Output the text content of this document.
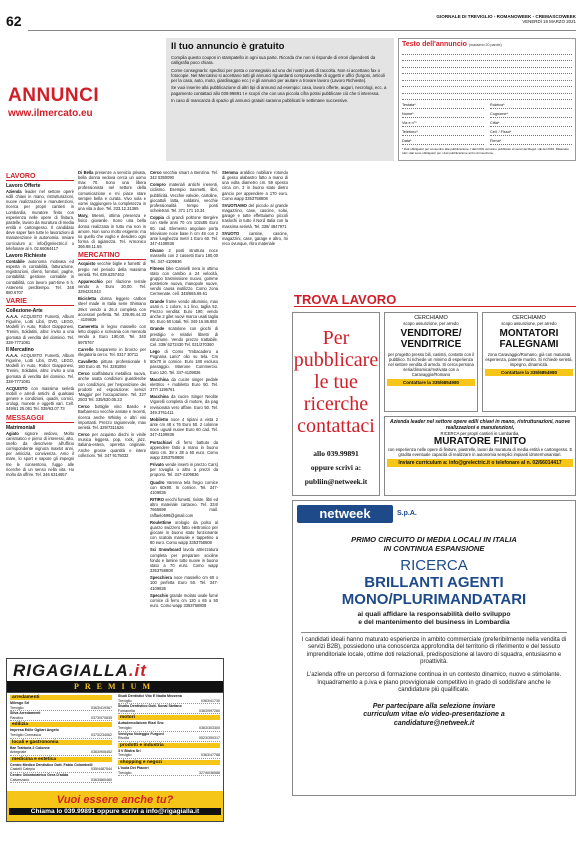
62	GIORNALE DI TREVIGLIO - ROMANOWEEK - CREMASCOWEEK
VENERDÌ 19 MARZO 2021
ANNUNCI
www.ilmercato.eu
Il tuo annuncio è gratuito

Compila questo coupon in stampatello in ogni sua parte. Ricorda che non si risponde di errori dipendenti da calligrafia poco chiara.

Come consegnarlo: spedisci per posta o consegnalo ad uno dei nostri punti di raccolta. Non si accettano fax o fotocopie. Nel Mercatino si accettano tutti gli annunci riguardanti compravendite di oggetti e uffici (furgoni, articoli per la casa, auto, moto, giardinaggio ecc.) e gli annunci per aiutare a trovare lavoro (Lavoro Richieste).

Se vuoi inserire alla pubblicazione di altri tipi di annunci ad esempio: casa, lavoro offerte, auguri, necrologi, ecc. a pagamento contattaci allo 039.99891 t e scopri che con una piccola cifra potrai pubblicare ciò che ti interessa.

In caso di mancanza di spazio gli annunci gratuiti saranno pubblicati le settimane successive.

Testo dell'annuncio (massimo 20 parole)
Testata*	Rubrica*
Nome*	Cognome*
Via e n°*	Città*
Telefono*	Cell. / Fisso*
Data*	Firma*
* Dati obbligatori per consentire alla pubblicazione. I dati NON verranno pubblicati. Ai sensi del Regol. UE del 2016. Rilasciare tutti i dati sono obbligatori per i dati pubblicazione ai fini di inserzione.
LAVORO
Lavoro Offerte

Azienda leader nel settore operè edili chiavi in mano, ristrutturazioni, nuove realizzazioni e manutenzioni, ricerca per propri cantieri in Lombardia, muratore finito con esperienza nelle opere di finitura, pastelle, lavoro da muratura di media entità e cartongesso. Il candidato deve saper fare tutte le lavorazioni di manutenzione in autonomia. Inviare curriculum a: info@grelectric.it o telefonare al n. 02.66064417

Lavoro Richieste

Contabile autonoma motivata ed esperta in contabilità, fatturazione, registrazioni, clienti, fornitori, paghe, contabilità: gestione contabile in contabilità, con lavoro part-time 6 h. Astenersi perditempo. Tel. 348 880.6707

VARIE
Collezione-Arte

A.A.A. ACQUISTO Fumetti, Album Figurine, Lotti Libri, DVD, LEGO, Modelli in Auto, Robot Giapponesi, Trenini, Soldatini, altro: invito a una giornata di vendita del dominio. Tel. 328-7771081

Il Mercatino

A.A.A. ACQUISTO Fumetti, Album Figurine, Lotti Libri, DVD, LEGO, Modelli in Auto, Robot Giapponesi, Trenini, Soldatini, altro: invito a una giornata di vendita del dominio. Tel. 328-7771081

ACQUISTO con massima serietà mobili e arredi antichi di qualsiasi genere e condizioni, quadri, cornici, orologi, monete e oggetti vari. Cell. 349/61 25.061 Tel. 039/63.07.73

MESSAGGI
Matrimoniali

Agiato signore vedovo, Molto carismatico e pieno di interessi, alto, snello da descrivere all'ufficio corrispondente signora max64 anni, per amicizia, convivenza. Amo il mare, lo sport e sapore gli impegni me le consentono, fuggo alle ricerche di un senso nella vita. Ho molto da offrire. Tel. 346 6314657

Di Bella presenze a servizio privata, bella donna vedova cerca un uomo max 70. Sono una libera professionista nel settore della comunicazione e mi piace stare sempre bella e curata. Vivo sola e vorrei raggiungere la completezza in una vita a due. Tel. 333.12.31365

Mary, 56enni, ottima presenza e fisico giovanile. Sono una bella donna realizzata in tutto ma non in amore. Non sono molto esigente: ma so quello che voglio e desidero ogni forma di agiatezza. Tel. Armonico 366.88.11.55

MERCATINO

Acquisto vecchie biglie e fumetti: di pregio nel periodo della massima serietà. Tel. 039.6257463

Apparecchio per rilazione terrale vendo a Euro 20,00. Tel. 3294231043

Bicicletta donna leggero carbon steel made in Italia serie Shimano 29x4 vendo a 26,4 completa con accessori perfetta. Tel. 339.95.44.33 - 4109836

Cameretta in legno massello con letto doppio e scrivania con mensola vendo a Euro 190,00. Tel. 340 6975767

Carrello trasparente in bronzo per rilegatoria cerco. Tel. 0317 30711

Cavalletto pittura professionale h 180 Euro 40. Tel. 3281894

Cerco scaffalatura metallica nuova, anche usata condizioni guarderobe con condizioni, per l'esposizione dei prodotti ed esposizione: servizi 'Maggio' per l'occupazione. Tel. 327 2503 Tel. 335/630.05.23

Cerco bottiglie vino Barolo e Barbaresco vecchie annate e recenti, ricerca anche Whisky e altri vini importanti. Prezzo ragionevole, max serietà. Tel. 329/7311626

Cerco per acquisto dischi in vinile musica leggera, pop, rock, jazz, italiana-estera, operetta originale. Anche grosse quantità e intere collezioni. Tel. 347 9175032

Cerco vecchia smart a Benzina. Tel. 342 5350090

Compro materiali antichi inerenti, ciclismo. Esempio trasmetti, libri, pubblicità. Vecchie valvole, cartoline, giocattoli latta, soldatini, vecchie professionalità tempo ponti scheletrati. Tel. 371 171 10.34

Coppia di grandi poltrone Bergère con stelle anni 70 cm 102x85 Euro 60. cad. Elemento angolare porta televisore noce base h cm 48 con 2 ante lunghezza metri 1 Euro 60. Tel. 347-4109836

Divano 2 posti struttura noce massello con 2 cassetti Euro 180,00 Tel. 347-4109836

Fitness bike Carnielli nera in ottimo stato con cambio a 24 velocità, gruppo trasmissione nuovo, gomme posteriore nuova, manopole nuove, vendo causa inutilizzo. Como zona Cermenate. cell. 348/665.69.61

Grande frame vendo alluminio, max usati n. 1 colore, n.1 lino, taglia 52. Prezzo vendita: Euro 190; vendo anche 2 gilet nuovi marca usati taglia 50. Euro 50 totali. Tel. 349 16.86.893

Grande scatolone con giochi di prestigio e relativi libretti di istruzione. Vendo prezzo trattabile. Cel. 339/ 6272430 Tel. 031/270360

Lego di Como "Imbacadero a Pognana Lario" olio su tela. Cm 60x70 in cornice. Euro 180 escluso passaggio. Marrone Commercio. Euro 120. Tel. 347-4109836

Macchina da cucire singer pedale elettrico + mobiletto Euro 50. Tel. 377/ 1195761

Macchina da cucire Singer Neolite Vigorelli completa di motore, da pag revisionata vero affare. Euro 50. Tel. 349.3761411

Mobiletto noce 4 ripiani a vista 2 ante cm 48 x 76 Euro 50. 2 colonne noce uguali nuove Euro 60 cad. Tel. 347-4109836

Portachiavi di ferro battuto da appendere fatto a mano in buono stato cm. 38 x 38 a 60 euro. Como wapp 3353758808

Privato vende inserti in prezzo Cars) per tovaglia o altro a prezzi da proporsi. Tel. 347-4109836

Quadro Varenna tela fregio cornice con 60x90. In cornice. Tel. 347-4109836

RITIRO vecchi fumetti, riviste, libri ed altro materiale cartaceo. Tel. 334/ 7665699 mail. raffaelo598@gmail.com

Roulettime orologio da polso al quarzo swizzero fatto elettronico per giocare in buono stato funzionante con scatola manuale e tappetino a 80 euro. Como wapp 3353758808

Sci Snowboard lavola attrezzatura completa per preparare scioline fondo e lamine tutto nuove in buono stato a 70 euro. Como wapp 3353758808

Specchiera noce massello cm 60 x 100 perfetta Euro 50. Tel. 347-4109836

Specchio grande molato ovale fumé cornice di ferro cm 120 x 65 a 50 euro. Como wapp 3353758808

Stemma araldico nobiliare rotondo di gesso alabastro fatto a mano di una volta diametro cm. 59 spesso circa cm. 3 in buono stato dietro gancio per appendere a 170 euro. Como wapp 3353758808

SVUOTIAMO del piccolo al grande magazzino, case, cascine, solai, garage e tutte effettuiamo piccoli traslochi in tutto il Nord Italia con la massima serietà. Tel. 338/ 4847971

SVUOTO cantine, cascine, magazzini, case, garage e altro, mi reco ovunque, ritiro materiale

RIGAGIALLA.it
PREMIUM
arredamenti
Milesgo Srl
Treviglio	0363/419367
Silva Arredamenti
Pandino	0373/970835
edilizia
Impresa Edile Ogliari Angelo
Treviglio Cremasca	0373/234062
locali e gastronomia
Bar Trattoria 2 Colonne
Antegnate	0363/905452
medicina e estetica
Centro Medico Dentistico Dott. Fabio Colombelli
Castelli Calepio	035/4487544
Centro Odontoiatrico Gera D'adda
Calvenzano	0363/860460
Studi Dentistici Vito E Nadia Mezzena
Treviglio	0363/41730
Studio Dentistico Dott. Sonai Stefano
Fontanella	0363/997260
motori
Autodemolizione Rizzi Snc
Treviglio	0363/303300
Vendyou Noleggio Furgoni
Rivolta	0523/350317
prodotti e industria
3 V Biotra Srl
Treviglio	0363/47788
shopping e negozi
L'isola Dei Piaceri
Treviglio	327/6036588
Vuoi essere anche tu?
Chiama lo 039.99891 oppure scrivi a info@rigagialla.it
TROVA LAVORO
Per
pubblicare
le tue
ricerche
contattaci
allo 039.99891
oppure scrivi a:
publiin@netweek.it
CERCHIAMO
scopo assunzione, per arredo
VENDITORE/ VENDITRICE
per progetto presso bili, casistri, contatto con il pubblico. Si richiede un minimo di esperienza nel settore vendita di arredo. Si cerca persona seria/dinamica/motivata con a Caravaggio/Romano
Contattare la 335/6854980
CERCHIAMO
scopo assunzione, per arredo
MONTATORI FALEGNAMI
zona Caravaggio/Romano, già con maturata esperienza, patente munito. Si richiede serietà, impegno, dinamicità.
Contattare la 335/6854980
Azienda leader nel settore opere edili chiavi in mano, ristrutturazioni, nuove realizzazioni e manutenzioni,
RICERCA per propri cantieri in Lombardia,
MURATORE FINITO
con esperienza nelle opere di finiture, piastrelle, lavori da muratura di media entità e cartongesso. E gradita eventuale capacità di realizzare in autonomia semplici impianti idrotermosanitari.
Inviare curriculum a: info@grelectric.it o telefonare al n. 02/66014417
netweek	S.p.A.
PRIMO CIRCUITO DI MEDIA LOCALI IN ITALIA
IN CONTINUA ESPANSIONE
RICERCA
BRILLANTI AGENTI
MONO/PLURIMANDATARI
ai quali affidare la responsabilità dello sviluppo
e del mantenimento del business in Lombardia
I candidati ideali hanno maturato esperienze in ambito commerciale (preferibilmente nella vendita di servizi B2B), possiedono una conoscenza approfondita del territorio di riferimento e del tessuto imprenditoriale locale, ottime doti relazionali, predisposizione al lavoro di squadra, entusiasmo e proattività.
L'azienda offre un percorso di formazione continua in un contesto dinamico, nuovo e stimolante. Inquadramento a p.iva e piano provvigionale competitivo in grado di soddisfare anche le candidature più qualificate.
Per partecipare alla selezione inviare
curriculum vitae e/o video-presentazione a
candidature@netweek.it
